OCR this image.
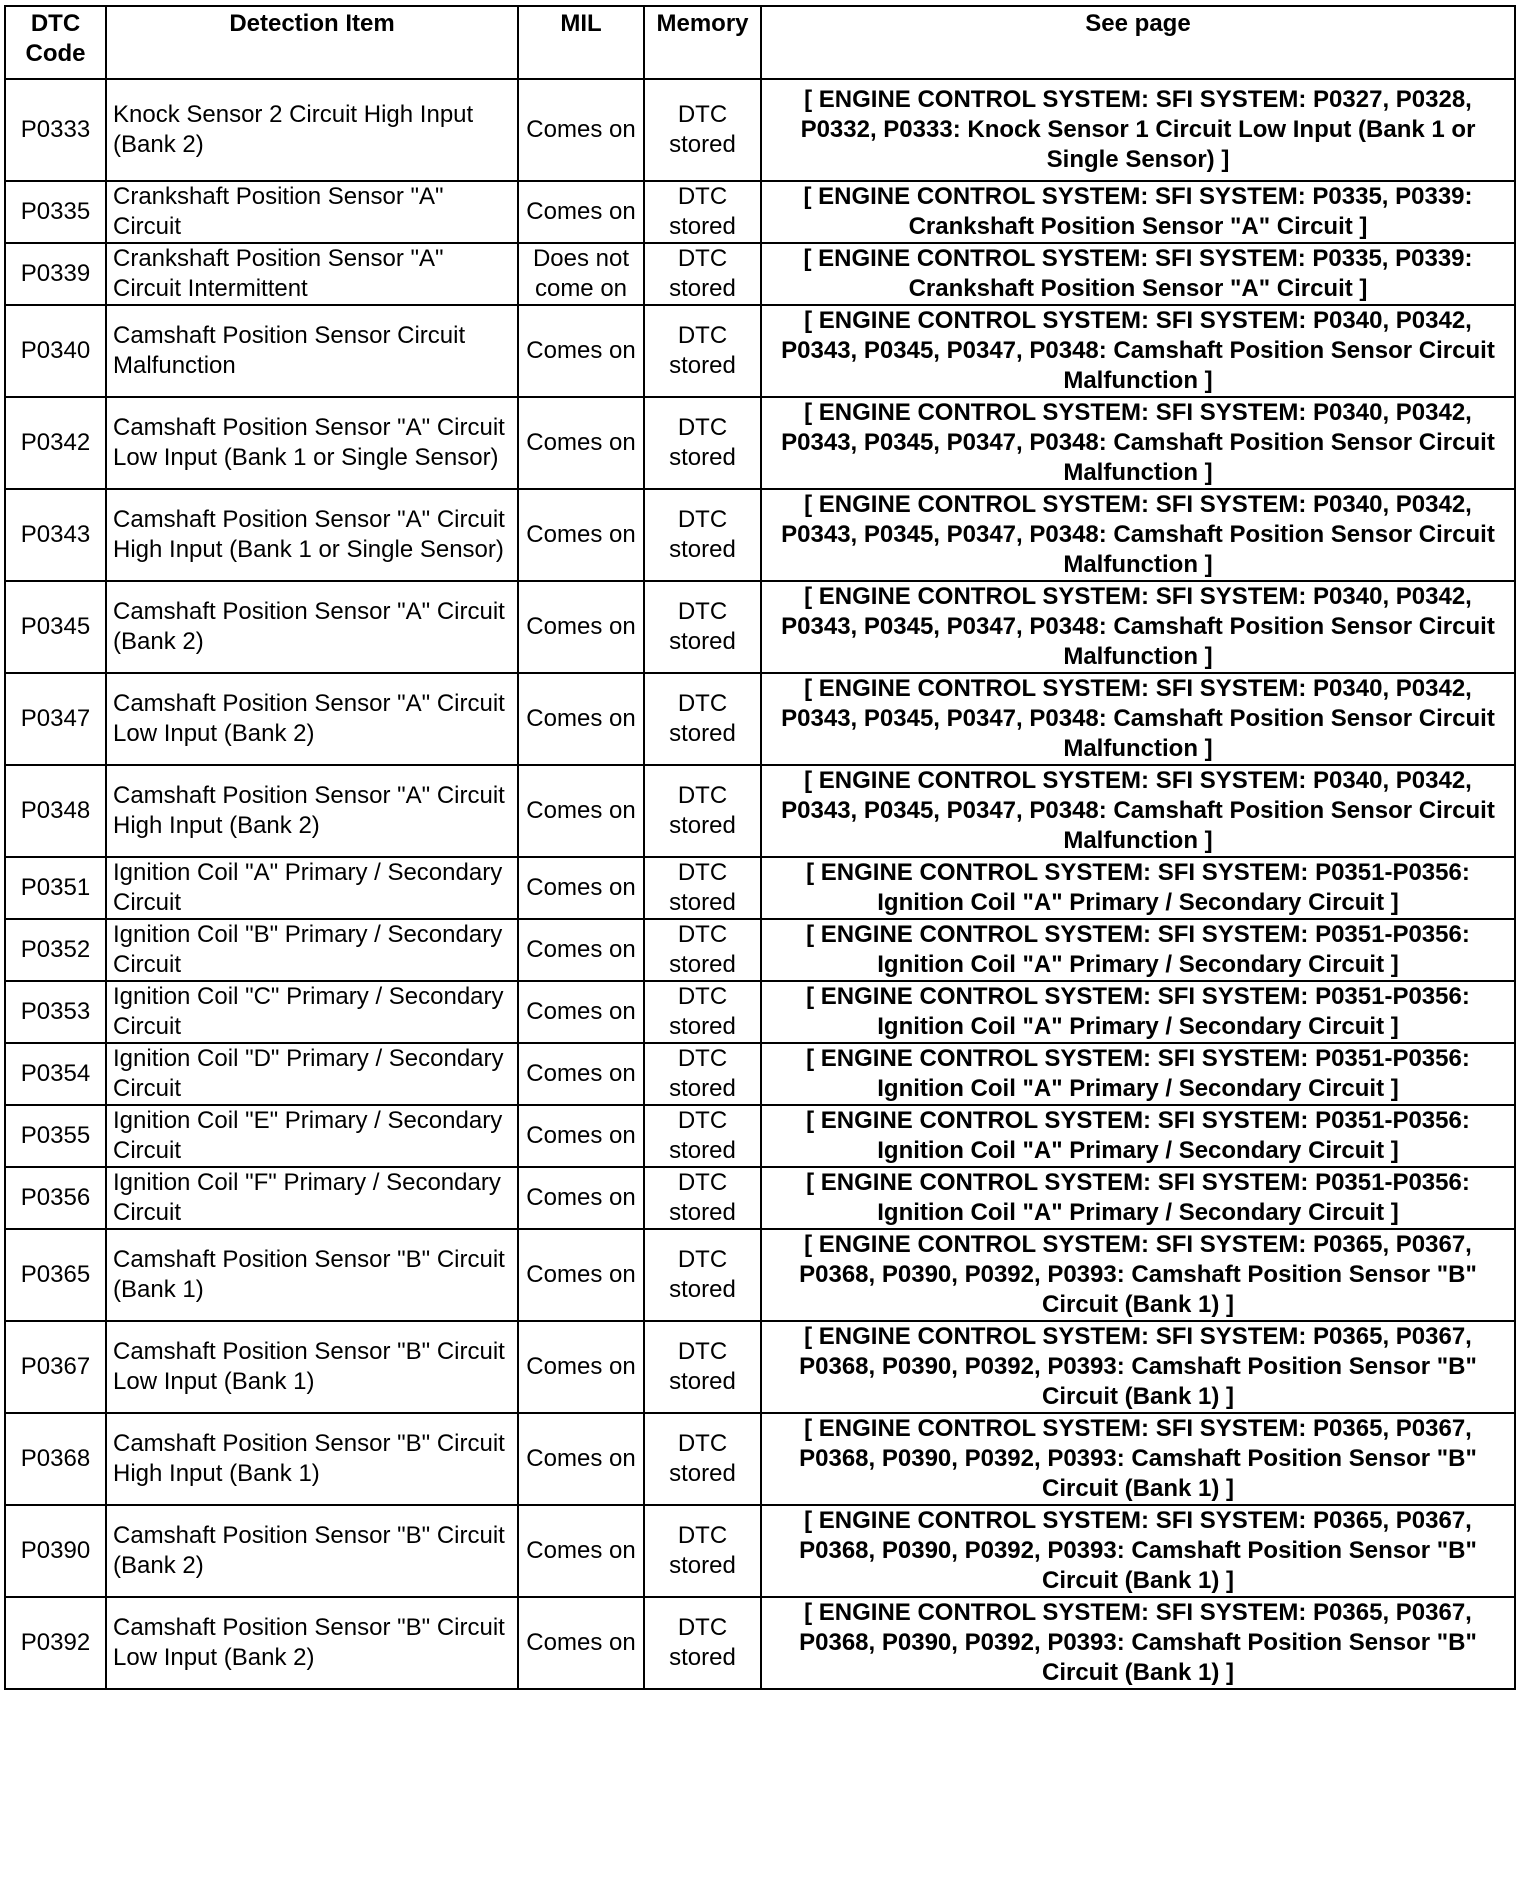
DTC Code	Detection Item	MIL	Memory	See page
P0333	Knock Sensor 2 Circuit High Input (Bank 2)	Comes on	DTC stored	[ ENGINE CONTROL SYSTEM: SFI SYSTEM: P0327, P0328, P0332, P0333: Knock Sensor 1 Circuit Low Input (Bank 1 or Single Sensor) ]
P0335	Crankshaft Position Sensor "A" Circuit	Comes on	DTC stored	[ ENGINE CONTROL SYSTEM: SFI SYSTEM: P0335, P0339: Crankshaft Position Sensor "A" Circuit ]
P0339	Crankshaft Position Sensor "A" Circuit Intermittent	Does not come on	DTC stored	[ ENGINE CONTROL SYSTEM: SFI SYSTEM: P0335, P0339: Crankshaft Position Sensor "A" Circuit ]
P0340	Camshaft Position Sensor Circuit Malfunction	Comes on	DTC stored	[ ENGINE CONTROL SYSTEM: SFI SYSTEM: P0340, P0342, P0343, P0345, P0347, P0348: Camshaft Position Sensor Circuit Malfunction ]
P0342	Camshaft Position Sensor "A" Circuit Low Input (Bank 1 or Single Sensor)	Comes on	DTC stored	[ ENGINE CONTROL SYSTEM: SFI SYSTEM: P0340, P0342, P0343, P0345, P0347, P0348: Camshaft Position Sensor Circuit Malfunction ]
P0343	Camshaft Position Sensor "A" Circuit High Input (Bank 1 or Single Sensor)	Comes on	DTC stored	[ ENGINE CONTROL SYSTEM: SFI SYSTEM: P0340, P0342, P0343, P0345, P0347, P0348: Camshaft Position Sensor Circuit Malfunction ]
P0345	Camshaft Position Sensor "A" Circuit (Bank 2)	Comes on	DTC stored	[ ENGINE CONTROL SYSTEM: SFI SYSTEM: P0340, P0342, P0343, P0345, P0347, P0348: Camshaft Position Sensor Circuit Malfunction ]
P0347	Camshaft Position Sensor "A" Circuit Low Input (Bank 2)	Comes on	DTC stored	[ ENGINE CONTROL SYSTEM: SFI SYSTEM: P0340, P0342, P0343, P0345, P0347, P0348: Camshaft Position Sensor Circuit Malfunction ]
P0348	Camshaft Position Sensor "A" Circuit High Input (Bank 2)	Comes on	DTC stored	[ ENGINE CONTROL SYSTEM: SFI SYSTEM: P0340, P0342, P0343, P0345, P0347, P0348: Camshaft Position Sensor Circuit Malfunction ]
P0351	Ignition Coil "A" Primary / Secondary Circuit	Comes on	DTC stored	[ ENGINE CONTROL SYSTEM: SFI SYSTEM: P0351-P0356: Ignition Coil "A" Primary / Secondary Circuit ]
P0352	Ignition Coil "B" Primary / Secondary Circuit	Comes on	DTC stored	[ ENGINE CONTROL SYSTEM: SFI SYSTEM: P0351-P0356: Ignition Coil "A" Primary / Secondary Circuit ]
P0353	Ignition Coil "C" Primary / Secondary Circuit	Comes on	DTC stored	[ ENGINE CONTROL SYSTEM: SFI SYSTEM: P0351-P0356: Ignition Coil "A" Primary / Secondary Circuit ]
P0354	Ignition Coil "D" Primary / Secondary Circuit	Comes on	DTC stored	[ ENGINE CONTROL SYSTEM: SFI SYSTEM: P0351-P0356: Ignition Coil "A" Primary / Secondary Circuit ]
P0355	Ignition Coil "E" Primary / Secondary Circuit	Comes on	DTC stored	[ ENGINE CONTROL SYSTEM: SFI SYSTEM: P0351-P0356: Ignition Coil "A" Primary / Secondary Circuit ]
P0356	Ignition Coil "F" Primary / Secondary Circuit	Comes on	DTC stored	[ ENGINE CONTROL SYSTEM: SFI SYSTEM: P0351-P0356: Ignition Coil "A" Primary / Secondary Circuit ]
P0365	Camshaft Position Sensor "B" Circuit (Bank 1)	Comes on	DTC stored	[ ENGINE CONTROL SYSTEM: SFI SYSTEM: P0365, P0367, P0368, P0390, P0392, P0393: Camshaft Position Sensor "B" Circuit (Bank 1) ]
P0367	Camshaft Position Sensor "B" Circuit Low Input (Bank 1)	Comes on	DTC stored	[ ENGINE CONTROL SYSTEM: SFI SYSTEM: P0365, P0367, P0368, P0390, P0392, P0393: Camshaft Position Sensor "B" Circuit (Bank 1) ]
P0368	Camshaft Position Sensor "B" Circuit High Input (Bank 1)	Comes on	DTC stored	[ ENGINE CONTROL SYSTEM: SFI SYSTEM: P0365, P0367, P0368, P0390, P0392, P0393: Camshaft Position Sensor "B" Circuit (Bank 1) ]
P0390	Camshaft Position Sensor "B" Circuit (Bank 2)	Comes on	DTC stored	[ ENGINE CONTROL SYSTEM: SFI SYSTEM: P0365, P0367, P0368, P0390, P0392, P0393: Camshaft Position Sensor "B" Circuit (Bank 1) ]
P0392	Camshaft Position Sensor "B" Circuit Low Input (Bank 2)	Comes on	DTC stored	[ ENGINE CONTROL SYSTEM: SFI SYSTEM: P0365, P0367, P0368, P0390, P0392, P0393: Camshaft Position Sensor "B" Circuit (Bank 1) ]
